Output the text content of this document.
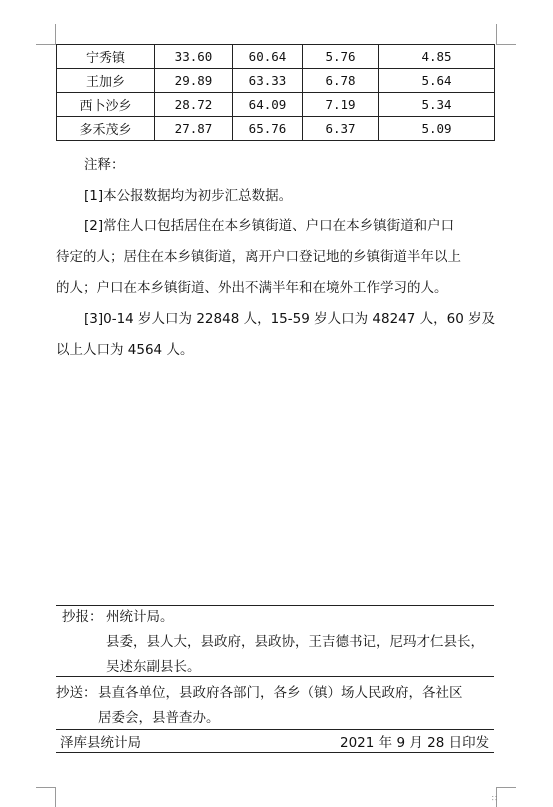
宁秀镇	33.60	60.64	5.76	4.85
王加乡	29.89	63.33	6.78	5.64
西卜沙乡	28.72	64.09	7.19	5.34
多禾茂乡	27.87	65.76	6.37	5.09
注释：
[1]本公报数据均为初步汇总数据。
[2]常住人口包括居住在本乡镇街道、户口在本乡镇街道和户口
待定的人；居住在本乡镇街道，离开户口登记地的乡镇街道半年以上
的人；户口在本乡镇街道、外出不满半年和在境外工作学习的人。
[3]0-14 岁人口为 22848 人，15-59 岁人口为 48247 人，60 岁及
以上人口为 4564 人。
抄报： 州统计局。
县委，县人大，县政府，县政协，王吉德书记，尼玛才仁县长，
吴述东副县长。
抄送： 县直各单位，县政府各部门，各乡（镇）场人民政府，各社区
居委会，县普查办。
泽库县统计局	2021 年 9 月 28 日印发
∷
